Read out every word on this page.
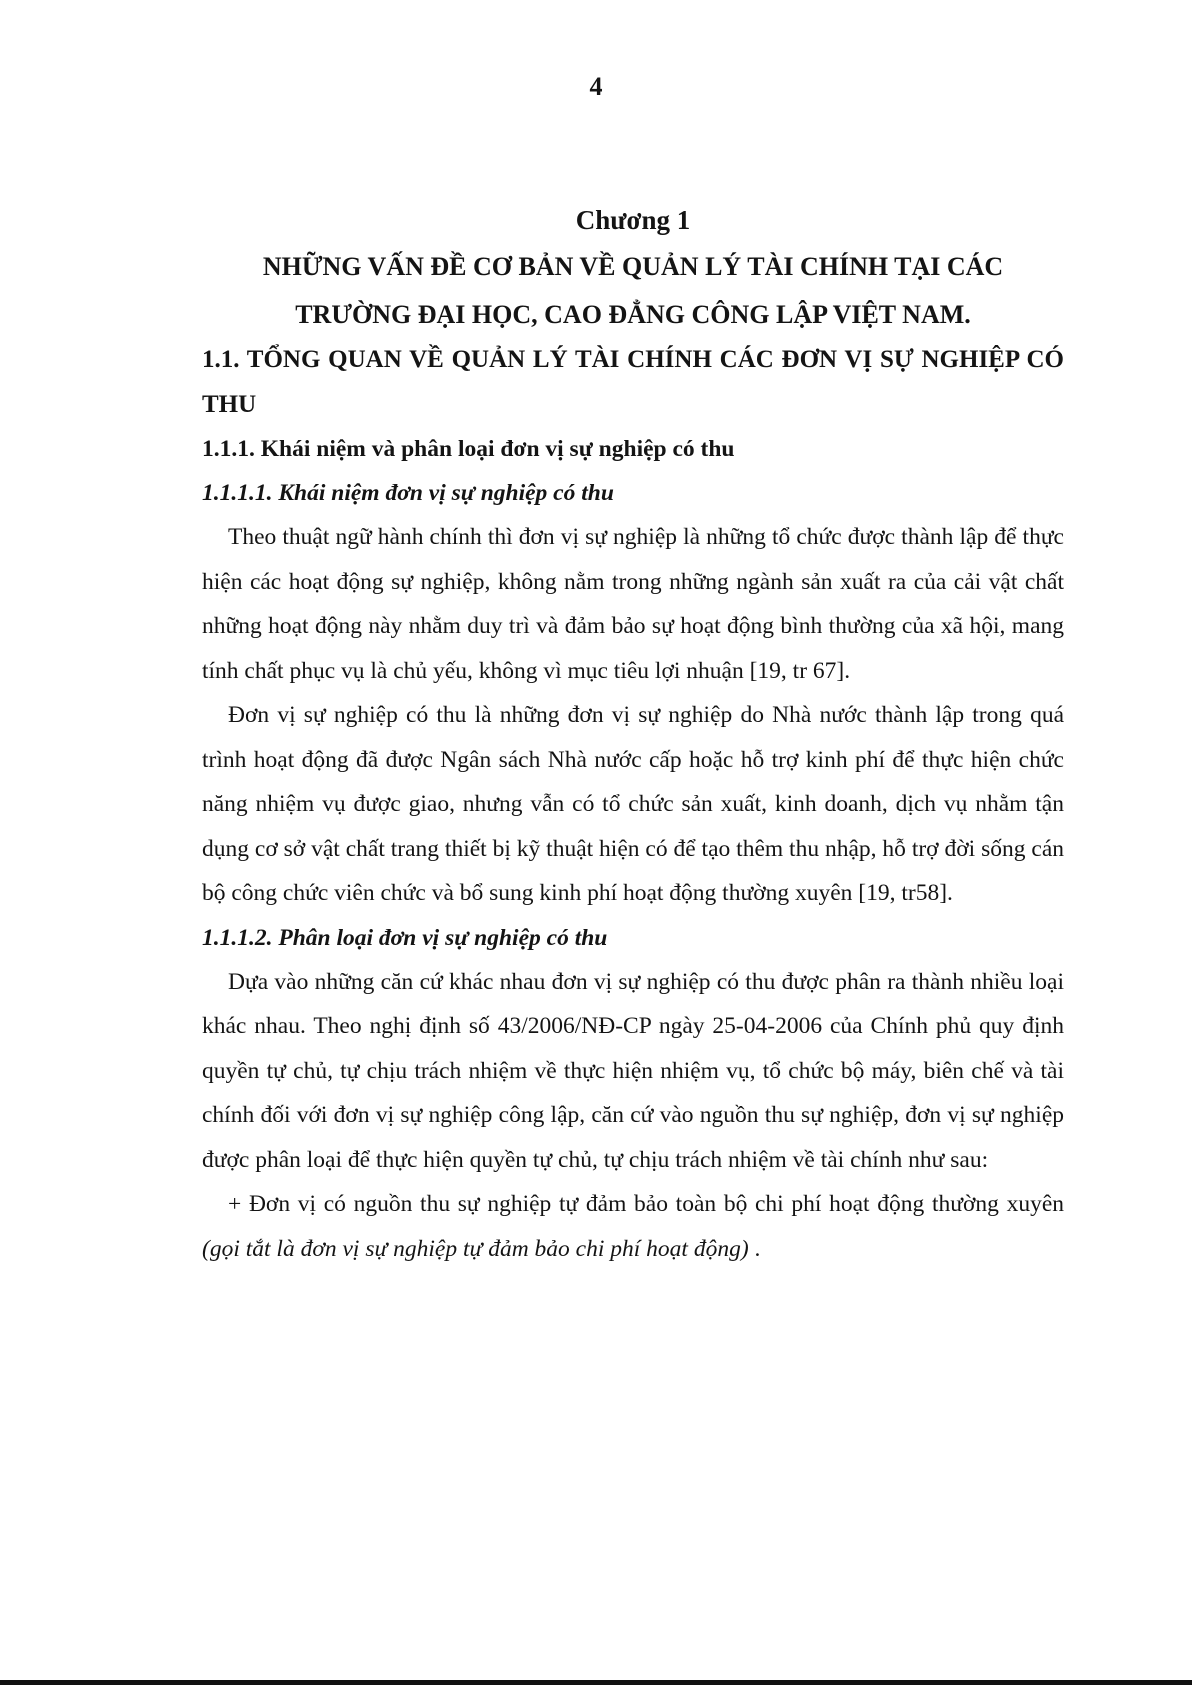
4

Chương 1

NHỮNG VẤN ĐỀ CƠ BẢN VỀ QUẢN LÝ TÀI CHÍNH TẠI CÁC
TRƯỜNG ĐẠI HỌC, CAO ĐẲNG CÔNG LẬP VIỆT NAM.

1.1. TỔNG QUAN VỀ QUẢN LÝ TÀI CHÍNH CÁC ĐƠN VỊ SỰ NGHIỆP CÓ THU

1.1.1. Khái niệm và phân loại đơn vị sự nghiệp có thu

1.1.1.1. Khái niệm đơn vị sự nghiệp có thu

Theo thuật ngữ hành chính thì đơn vị sự nghiệp là những tổ chức được thành lập để thực hiện các hoạt động sự nghiệp, không nằm trong những ngành sản xuất ra của cải vật chất những hoạt động này nhằm duy trì và đảm bảo sự hoạt động bình thường của xã hội, mang tính chất phục vụ là chủ yếu, không vì mục tiêu lợi nhuận [19, tr 67].

Đơn vị sự nghiệp có thu là những đơn vị sự nghiệp do Nhà nước thành lập trong quá trình hoạt động đã được Ngân sách Nhà nước cấp hoặc hỗ trợ kinh phí để thực hiện chức năng nhiệm vụ được giao, nhưng vẫn có tổ chức sản xuất, kinh doanh, dịch vụ nhằm tận dụng cơ sở vật chất trang thiết bị kỹ thuật hiện có để tạo thêm thu nhập, hỗ trợ đời sống cán bộ công chức viên chức và bổ sung kinh phí hoạt động thường xuyên [19, tr58].

1.1.1.2. Phân loại đơn vị sự nghiệp có thu

Dựa vào những căn cứ khác nhau đơn vị sự nghiệp có thu được phân ra thành nhiều loại khác nhau. Theo nghị định số 43/2006/NĐ-CP ngày 25-04-2006 của Chính phủ quy định quyền tự chủ, tự chịu trách nhiệm về thực hiện nhiệm vụ, tổ chức bộ máy, biên chế và tài chính đối với đơn vị sự nghiệp công lập, căn cứ vào nguồn thu sự nghiệp, đơn vị sự nghiệp được phân loại để thực hiện quyền tự chủ, tự chịu trách nhiệm về tài chính như sau:

+ Đơn vị có nguồn thu sự nghiệp tự đảm bảo toàn bộ chi phí hoạt động thường xuyên (gọi tắt là đơn vị sự nghiệp tự đảm bảo chi phí hoạt động) .
